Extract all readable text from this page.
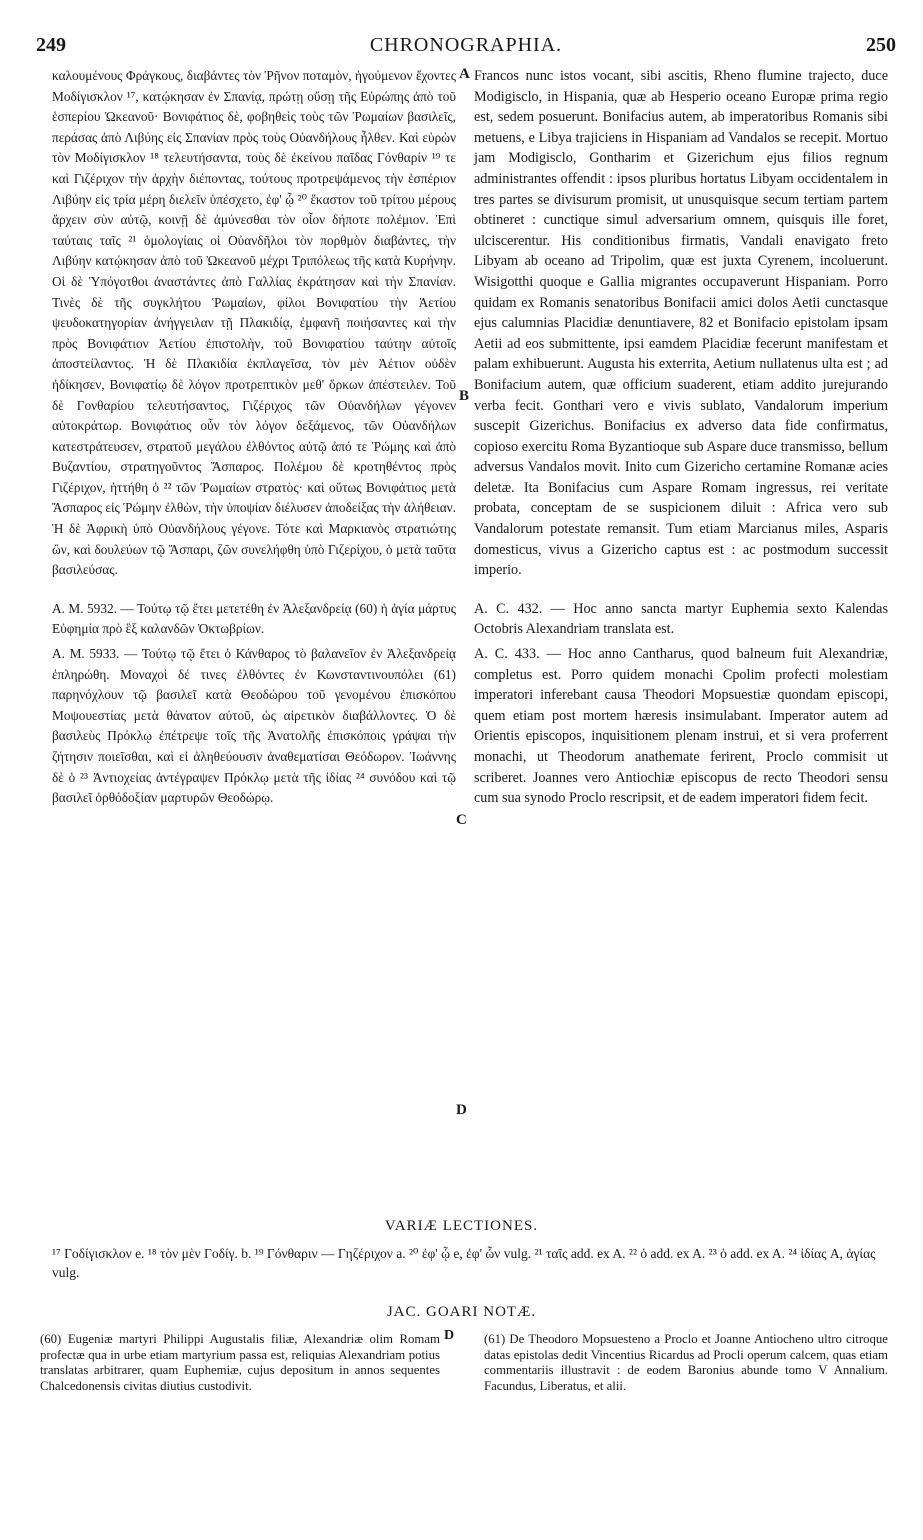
249	CHRONOGRAPHIA.	250
A
B
C
D

καλουμένους Φράγκους, διαβάντες τὸν Ῥῆνον ποταμὸν, ἡγούμενον ἔχοντες Μοδίγισκλον ¹⁷, κατῴκησαν ἐν Σπανίᾳ, πρώτῃ οὔσῃ τῆς Εὐρώπης ἀπὸ τοῦ ἑσπερίου Ὠκεανοῦ· Βονιφάτιος δὲ, φοβηθεὶς τοὺς τῶν Ῥωμαίων βασιλεῖς, περάσας ἀπὸ Λιβύης εἰς Σπανίαν πρὸς τοὺς Οὐανδήλους ἦλθεν. Καὶ εὑρὼν τὸν Μοδίγισκλον ¹⁸ τελευτήσαντα, τοὺς δὲ ἐκείνου παῖδας Γόνθαρίν ¹⁹ τε καὶ Γιζέριχον τὴν ἀρχὴν διέποντας, τούτους προτρεψάμενος τὴν ἑσπέριον Λιβύην εἰς τρία μέρη διελεῖν ὑπέσχετο, ἐφ' ᾧ ²⁰ ἕκαστον τοῦ τρίτου μέρους ἄρχειν σὺν αὐτῷ, κοινῇ δὲ ἀμύνεσθαι τὸν οἷον δήποτε πολέμιον. Ἐπὶ ταύταις ταῖς ²¹ ὁμολογίαις οἱ Οὐανδῆλοι τὸν πορθμὸν διαβάντες, τὴν Λιβύην κατῴκησαν ἀπὸ τοῦ Ὠκεανοῦ μέχρι Τριπόλεως τῆς κατὰ Κυρήνην. Οἱ δὲ Ὑπόγοτθοι ἀναστάντες ἀπὸ Γαλλίας ἐκράτησαν καὶ τὴν Σπανίαν. Τινὲς δὲ τῆς συγκλήτου Ῥωμαίων, φίλοι Βονιφατίου τὴν Ἀετίου ψευδοκατηγορίαν ἀνήγγειλαν τῇ Πλακιδίᾳ, ἐμφανῆ ποιήσαντες καὶ τὴν πρὸς Βονιφάτιον Ἀετίου ἐπιστολὴν, τοῦ Βονιφατίου ταύτην αὐτοῖς ἀποστείλαντος. Ἡ δὲ Πλακιδία ἐκπλαγεῖσα, τὸν μὲν Ἀέτιον οὐδὲν ἠδίκησεν, Βονιφατίῳ δὲ λόγον προτρεπτικὸν μεθ' ὅρκων ἀπέστειλεν. Τοῦ δὲ Γονθαρίου τελευτήσαντος, Γιζέριχος τῶν Οὐανδήλων γέγονεν αὐτοκράτωρ. Βονιφάτιος οὖν τὸν λόγον δεξάμενος, τῶν Οὐανδήλων κατεστράτευσεν, στρατοῦ μεγάλου ἐλθόντος αὐτῷ ἀπό τε Ῥώμης καὶ ἀπὸ Βυζαντίου, στρατηγοῦντος Ἄσπαρος. Πολέμου δὲ κροτηθέντος πρὸς Γιζέριχον, ἡττήθη ὁ ²² τῶν Ῥωμαίων στρατὸς· καὶ οὕτως Βονιφάτιος μετὰ Ἄσπαρος εἰς Ῥώμην ἐλθὼν, τὴν ὑποψίαν διέλυσεν ἀποδείξας τὴν ἀλήθειαν. Ἡ δὲ Ἀφρικὴ ὑπὸ Οὐανδήλους γέγονε. Τότε καὶ Μαρκιανὸς στρατιώτης ὢν, καὶ δουλεύων τῷ Ἄσπαρι, ζῶν συνελήφθη ὑπὸ Γιζερίχου, ὁ μετὰ ταῦτα βασιλεύσας.

Α. Μ. 5932. — Τούτῳ τῷ ἔτει μετετέθη ἐν Ἀλεξανδρείᾳ (60) ἡ ἁγία μάρτυς Εὐφημία πρὸ ἓξ καλανδῶν Ὀκτωβρίων.

Α. Μ. 5933. — Τούτῳ τῷ ἔτει ὁ Κάνθαρος τὸ βαλανεῖον ἐν Ἀλεξανδρείᾳ ἐπληρώθη. Μοναχοὶ δέ τινες ἐλθόντες ἐν Κωνσταντινουπόλει (61) παρηνόχλουν τῷ βασιλεῖ κατὰ Θεοδώρου τοῦ γενομένου ἐπισκόπου Μοψουεστίας μετὰ θάνατον αὐτοῦ, ὡς αἱρετικὸν διαβάλλοντες. Ὁ δὲ βασιλεὺς Πρόκλῳ ἐπέτρεψε τοῖς τῆς Ἀνατολῆς ἐπισκόποις γράψαι τὴν ζήτησιν ποιεῖσθαι, καὶ εἰ ἀληθεύουσιν ἀναθεματίσαι Θεόδωρον. Ἰωάννης δὲ ὁ ²³ Ἀντιοχείας ἀντέγραψεν Πρόκλῳ μετὰ τῆς ἰδίας ²⁴ συνόδου καὶ τῷ βασιλεῖ ὀρθόδοξίαν μαρτυρῶν Θεοδώρῳ.

Francos nunc istos vocant, sibi ascitis, Rheno flumine trajecto, duce Modigisclo, in Hispania, quæ ab Hesperio oceano Europæ prima regio est, sedem posuerunt. Bonifacius autem, ab imperatoribus Romanis sibi metuens, e Libya trajiciens in Hispaniam ad Vandalos se recepit. Mortuo jam Modigisclo, Gontharim et Gizerichum ejus filios regnum administrantes offendit : ipsos pluribus hortatus Libyam occidentalem in tres partes se divisurum promisit, ut unusquisque secum tertiam partem obtineret : cunctique simul adversarium omnem, quisquis ille foret, ulciscerentur. His conditionibus firmatis, Vandali enavigato freto Libyam ab oceano ad Tripolim, quæ est juxta Cyrenem, incoluerunt. Wisigotthi quoque e Gallia migrantes occupaverunt Hispaniam. Porro quidam ex Romanis senatoribus Bonifacii amici dolos Aetii cunctasque ejus calumnias Placidiæ denuntiavere, 82 et Bonifacio epistolam ipsam Aetii ad eos submittente, ipsi eamdem Placidiæ fecerunt manifestam et palam exhibuerunt. Augusta his exterrita, Aetium nullatenus ulta est ; ad Bonifacium autem, quæ officium suaderent, etiam addito jurejurando verba fecit. Gonthari vero e vivis sublato, Vandalorum imperium suscepit Gizerichus. Bonifacius ex adverso data fide confirmatus, copioso exercitu Roma Byzantioque sub Aspare duce transmisso, bellum adversus Vandalos movit. Inito cum Gizericho certamine Romanæ acies deletæ. Ita Bonifacius cum Aspare Romam ingressus, rei veritate probata, conceptam de se suspicionem diluit : Africa vero sub Vandalorum potestate remansit. Tum etiam Marcianus miles, Asparis domesticus, vivus a Gizericho captus est : ac postmodum successit imperio.

A. C. 432. — Hoc anno sancta martyr Euphemia sexto Kalendas Octobris Alexandriam translata est.

A. C. 433. — Hoc anno Cantharus, quod balneum fuit Alexandriæ, completus est. Porro quidem monachi Cpolim profecti molestiam imperatori inferebant causa Theodori Mopsuestiæ quondam episcopi, quem etiam post mortem hæresis insimulabant. Imperator autem ad Orientis episcopos, inquisitionem plenam instrui, et si vera proferrent monachi, ut Theodorum anathemate ferirent, Proclo commisit ut scriberet. Joannes vero Antiochiæ episcopus de recto Theodori sensu cum sua synodo Proclo rescripsit, et de eadem imperatori fidem fecit.

VARIÆ LECTIONES.

¹⁷ Γοδίγισκλον e. ¹⁸ τὸν μὲν Γοδίγ. b. ¹⁹ Γόνθαριν — Γηζέριχον a. ²⁰ ἐφ' ᾧ e, ἐφ' ὧν vulg. ²¹ ταῖς add. ex A. ²² ὁ add. ex A. ²³ ὁ add. ex A. ²⁴ ἰδίας A, ἁγίας vulg.

JAC. GOARI NOTÆ.
D

(60) Eugeniæ martyri Philippi Augustalis filiæ, Alexandriæ olim Romam profectæ qua in urbe etiam martyrium passa est, reliquias Alexandriam potius translatas arbitrarer, quam Euphemiæ, cujus depositum in annos sequentes Chalcedonensis civitas diutius custodivit.

(61) De Theodoro Mopsuesteno a Proclo et Joanne Antiocheno ultro citroque datas epistolas dedit Vincentius Ricardus ad Procli operum calcem, quas etiam commentariis illustravit : de eodem Baronius abunde tomo V Annalium. Facundus, Liberatus, et alii.
